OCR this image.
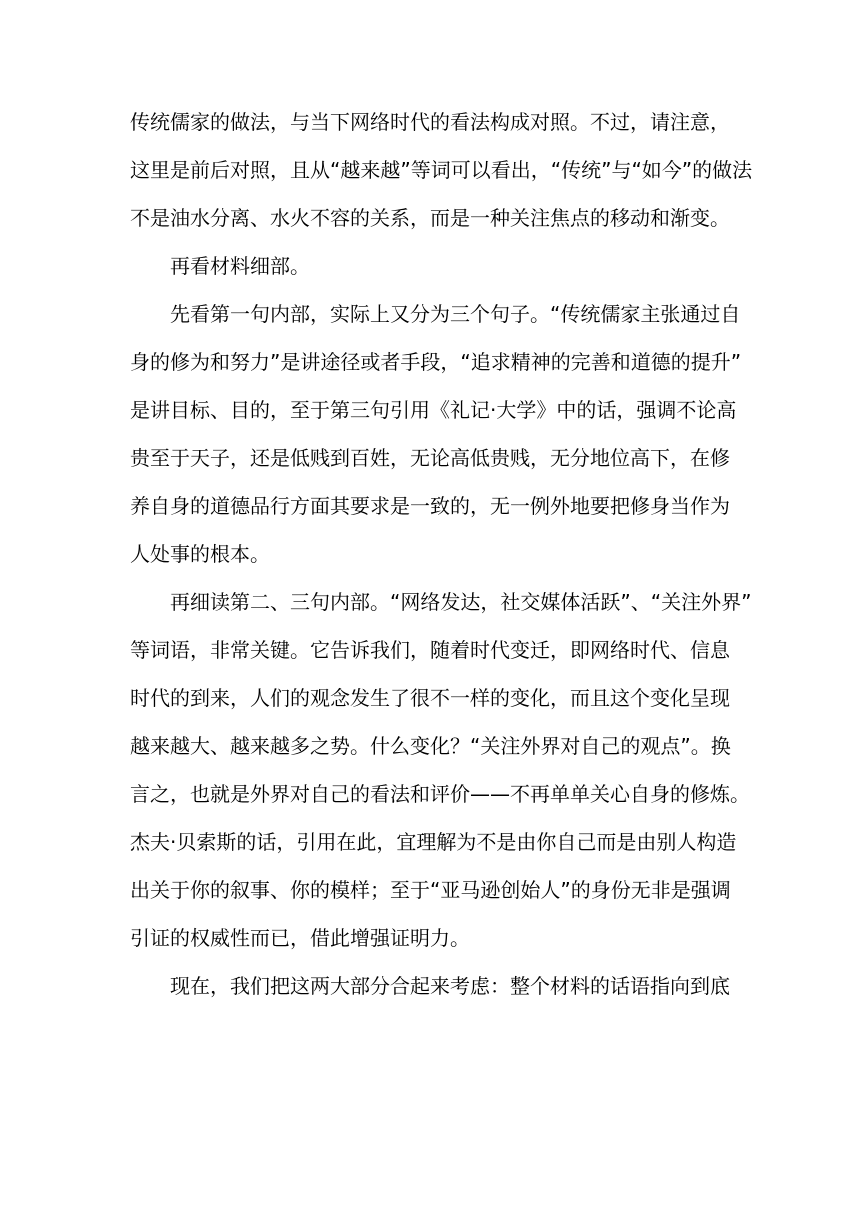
传统儒家的做法，与当下网络时代的看法构成对照。不过，请注意，
这里是前后对照，且从“越来越”等词可以看出，“传统”与“如今”的做法
不是油水分离、水火不容的关系，而是一种关注焦点的移动和渐变。
再看材料细部。
先看第一句内部，实际上又分为三个句子。“传统儒家主张通过自
身的修为和努力”是讲途径或者手段，“追求精神的完善和道德的提升”
是讲目标、目的，至于第三句引用《礼记·大学》中的话，强调不论高
贵至于天子，还是低贱到百姓，无论高低贵贱，无分地位高下，在修
养自身的道德品行方面其要求是一致的，无一例外地要把修身当作为
人处事的根本。
再细读第二、三句内部。“网络发达，社交媒体活跃”、“关注外界”
等词语，非常关键。它告诉我们，随着时代变迁，即网络时代、信息
时代的到来，人们的观念发生了很不一样的变化，而且这个变化呈现
越来越大、越来越多之势。什么变化？“关注外界对自己的观点”。换
言之，也就是外界对自己的看法和评价——不再单单关心自身的修炼。
杰夫·贝索斯的话，引用在此，宜理解为不是由你自己而是由别人构造
出关于你的叙事、你的模样；至于“亚马逊创始人”的身份无非是强调
引证的权威性而已，借此增强证明力。
现在，我们把这两大部分合起来考虑：整个材料的话语指向到底
